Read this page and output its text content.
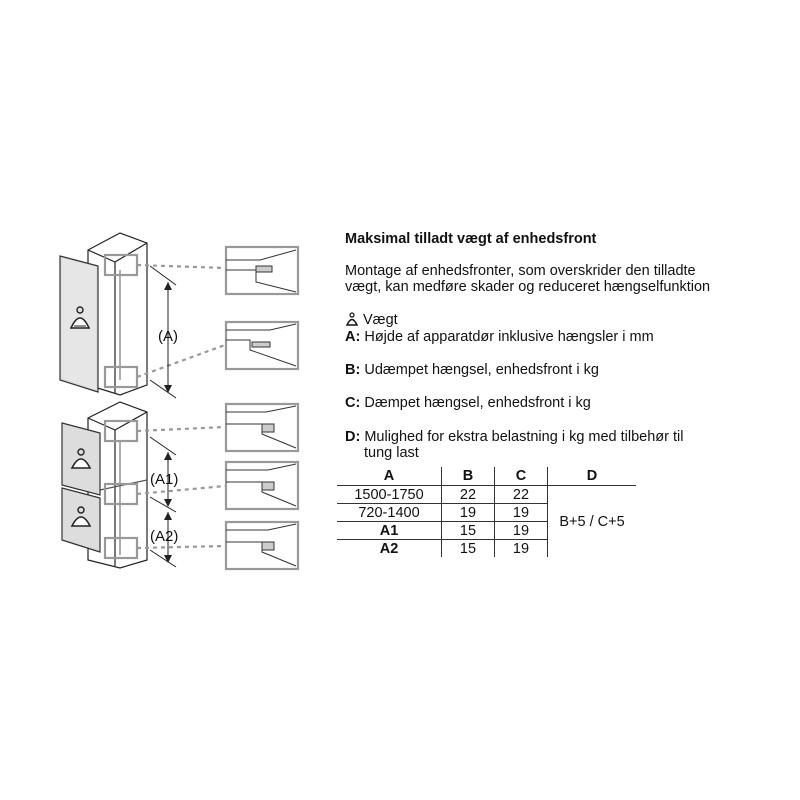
(A)
(A1)
(A2)
Maksimal tilladt vægt af enhedsfront
Montage af enhedsfronter, som overskrider den tilladte
vægt, kan medføre skader og reduceret hængselfunktion
Vægt
A: Højde af apparatdør inklusive hængsler i mm
B: Udæmpet hængsel, enhedsfront i kg
C: Dæmpet hængsel, enhedsfront i kg
D: Mulighed for ekstra belastning i kg med tilbehør til
tung last
A	B	C	D
1500-1750	22	22	B+5 / C+5
720-1400	19	19	
A1	15	19	
A2	15	19	
